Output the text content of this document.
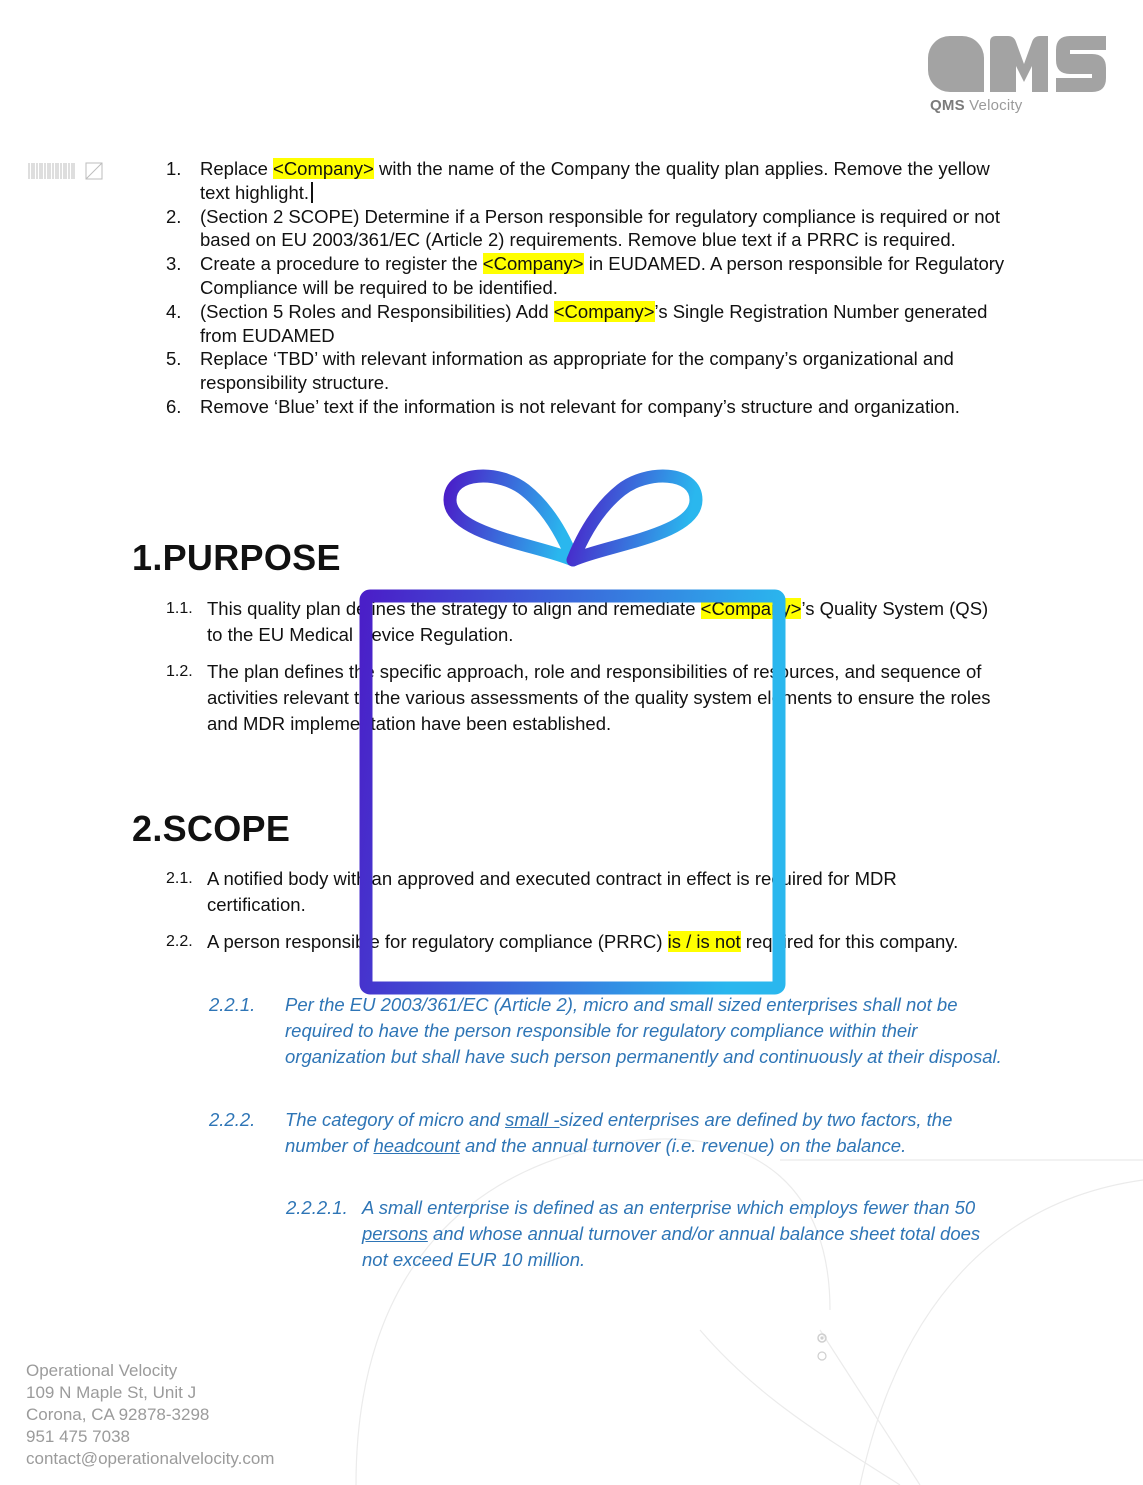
QMS Velocity
1.	Replace <Company> with the name of the Company the quality plan applies. Remove the yellow text highlight.
2.	(Section 2 SCOPE) Determine if a Person responsible for regulatory compliance is required or not based on EU 2003/361/EC (Article 2) requirements. Remove blue text if a PRRC is required.
3.	Create a procedure to register the <Company> in EUDAMED. A person responsible for Regulatory Compliance will be required to be identified.
4.	(Section 5 Roles and Responsibilities) Add <Company>’s Single Registration Number generated from EUDAMED
5.	Replace ‘TBD’ with relevant information as appropriate for the company’s organizational and responsibility structure.
6.	Remove ‘Blue’ text if the information is not relevant for company’s structure and organization.
1.PURPOSE
1.1. This quality plan defines the strategy to align and remediate <Company>’s Quality System (QS) to the EU Medical Device Regulation.
1.2. The plan defines the specific approach, role and responsibilities of resources, and sequence of activities relevant to the various assessments of the quality system elements to ensure the roles and MDR implementation have been established.
2.SCOPE
2.1. A notified body with an approved and executed contract in effect is required for MDR certification.
2.2. A person responsible for regulatory compliance (PRRC) is / is not required for this company.
2.2.1.	Per the EU 2003/361/EC (Article 2), micro and small sized enterprises shall not be required to have the person responsible for regulatory compliance within their organization but shall have such person permanently and continuously at their disposal.
2.2.2.	The category of micro and small -sized enterprises are defined by two factors, the number of headcount and the annual turnover (i.e. revenue) on the balance.
2.2.2.1. A small enterprise is defined as an enterprise which employs fewer than 50 persons and whose annual turnover and/or annual balance sheet total does not exceed EUR 10 million.
Operational Velocity
109 N Maple St, Unit J
Corona, CA 92878-3298
951 475 7038
contact@operationalvelocity.com
